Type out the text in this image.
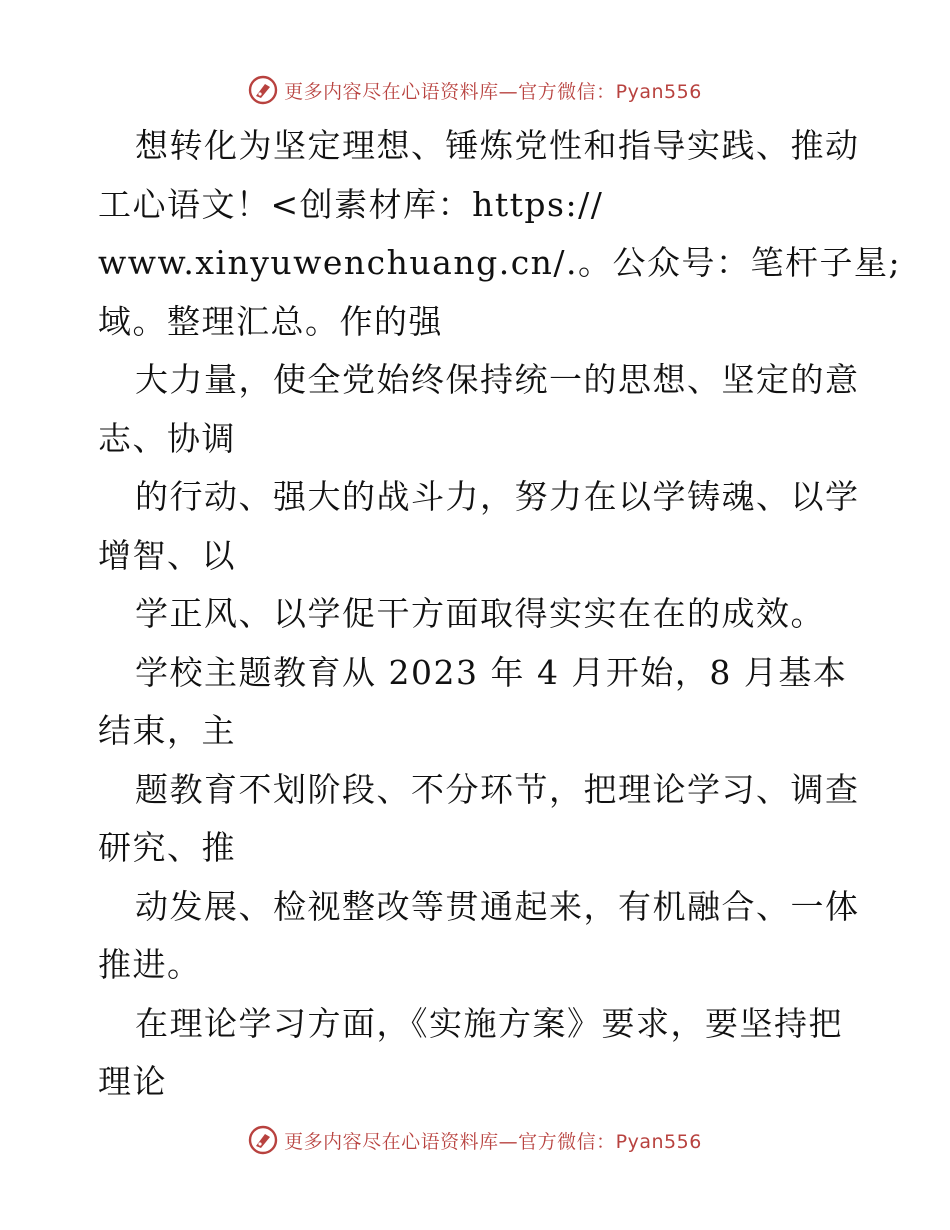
更多内容尽在心语资料库—官方微信：Pyan556
想转化为坚定理想、锤炼党性和指导实践、推动
工心语文！<创素材库：https://
www.xinyuwenchuang.cn/.。公众号：笔杆子星;
域。整理汇总。作的强
大力量，使全党始终保持统一的思想、坚定的意
志、协调
的行动、强大的战斗力，努力在以学铸魂、以学
增智、以
学正风、以学促干方面取得实实在在的成效。
学校主题教育从 2023 年 4 月开始，8 月基本
结束，主
题教育不划阶段、不分环节，把理论学习、调查
研究、推
动发展、检视整改等贯通起来，有机融合、一体
推进。
在理论学习方面，《实施方案》要求，要坚持把
理论
更多内容尽在心语资料库—官方微信：Pyan556
